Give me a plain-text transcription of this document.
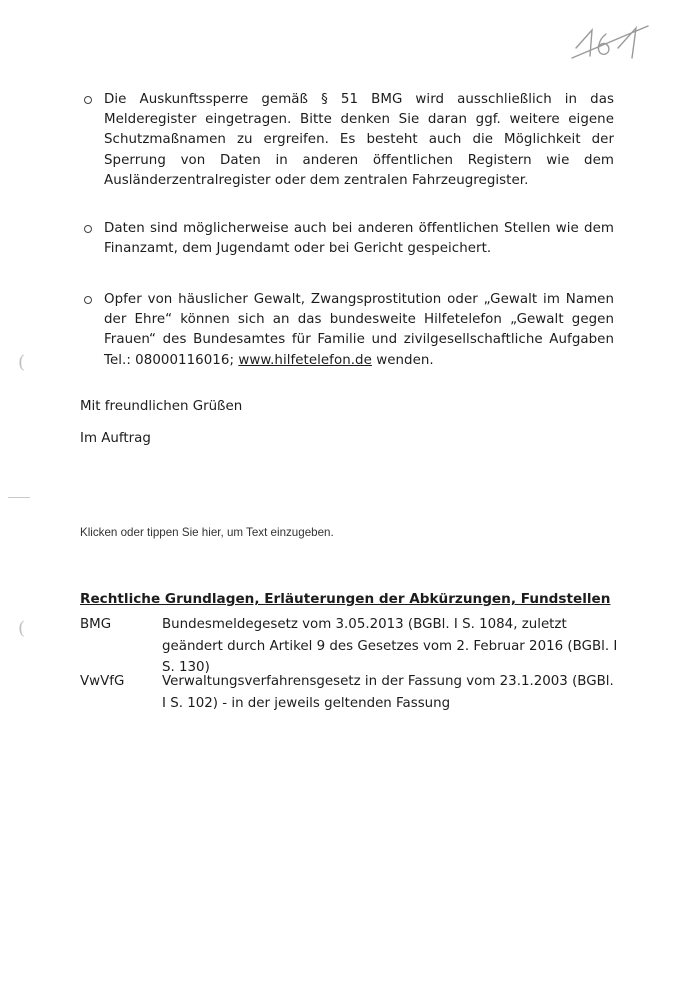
(
(
Die Auskunftssperre gemäß § 51 BMG wird ausschließlich in das Melderegister eingetragen. Bitte denken Sie daran ggf. weitere eigene Schutzmaßnamen zu ergreifen. Es besteht auch die Möglichkeit der Sperrung von Daten in anderen öffentlichen Registern wie dem Ausländerzentralregister oder dem zentralen Fahrzeugregister.
Daten sind möglicherweise auch bei anderen öffentlichen Stellen wie dem Finanzamt, dem Jugendamt oder bei Gericht gespeichert.
Opfer von häuslicher Gewalt, Zwangsprostitution oder „Gewalt im Namen der Ehre“ können sich an das bundesweite Hilfetelefon „Gewalt gegen Frauen“ des Bundesamtes für Familie und zivilgesellschaftliche Aufgaben Tel.: 08000116016; www.hilfetelefon.de wenden.
Mit freundlichen Grüßen
Im Auftrag
Klicken oder tippen Sie hier, um Text einzugeben.
Rechtliche Grundlagen, Erläuterungen der Abkürzungen, Fundstellen
BMG	Bundesmeldegesetz vom 3.05.2013 (BGBl. I S. 1084, zuletzt geändert durch Artikel 9 des Gesetzes vom 2. Februar 2016 (BGBl. I S. 130)
VwVfG	Verwaltungsverfahrensgesetz in der Fassung vom 23.1.2003 (BGBl. I S. 102) - in der jeweils geltenden Fassung
